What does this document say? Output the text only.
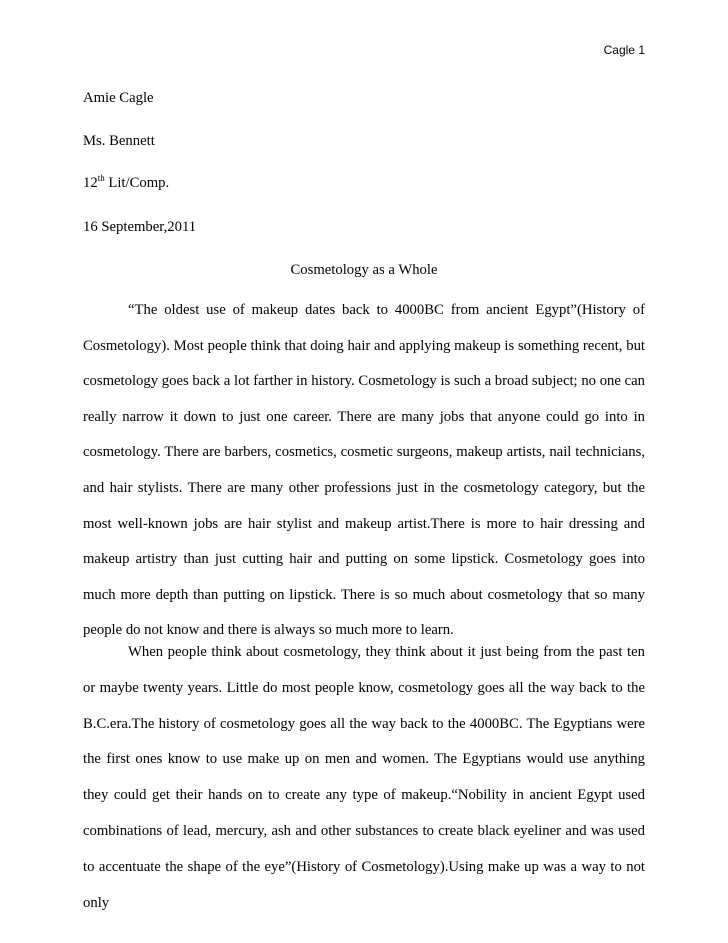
Cagle 1
Amie Cagle
Ms. Bennett
12th Lit/Comp.
16 September,2011
Cosmetology as a Whole

“The oldest use of makeup dates back to 4000BC from ancient Egypt”(History of Cosmetology). Most people think that doing hair and applying makeup is something recent, but cosmetology goes back a lot farther in history. Cosmetology is such a broad subject; no one can really narrow it down to just one career. There are many jobs that anyone could go into in cosmetology. There are barbers, cosmetics, cosmetic surgeons, makeup artists, nail technicians, and hair stylists. There are many other professions just in the cosmetology category, but the most well-known jobs are hair stylist and makeup artist.There is more to hair dressing and makeup artistry than just cutting hair and putting on some lipstick. Cosmetology goes into much more depth than putting on lipstick. There is so much about cosmetology that so many people do not know and there is always so much more to learn.

When people think about cosmetology, they think about it just being from the past ten or maybe twenty years. Little do most people know, cosmetology goes all the way back to the B.C.era.The history of cosmetology goes all the way back to the 4000BC. The Egyptians were the first ones know to use make up on men and women. The Egyptians would use anything they could get their hands on to create any type of makeup.“Nobility in ancient Egypt used combinations of lead, mercury, ash and other substances to create black eyeliner and was used to accentuate the shape of the eye”(History of Cosmetology).Using make up was a way to not only
